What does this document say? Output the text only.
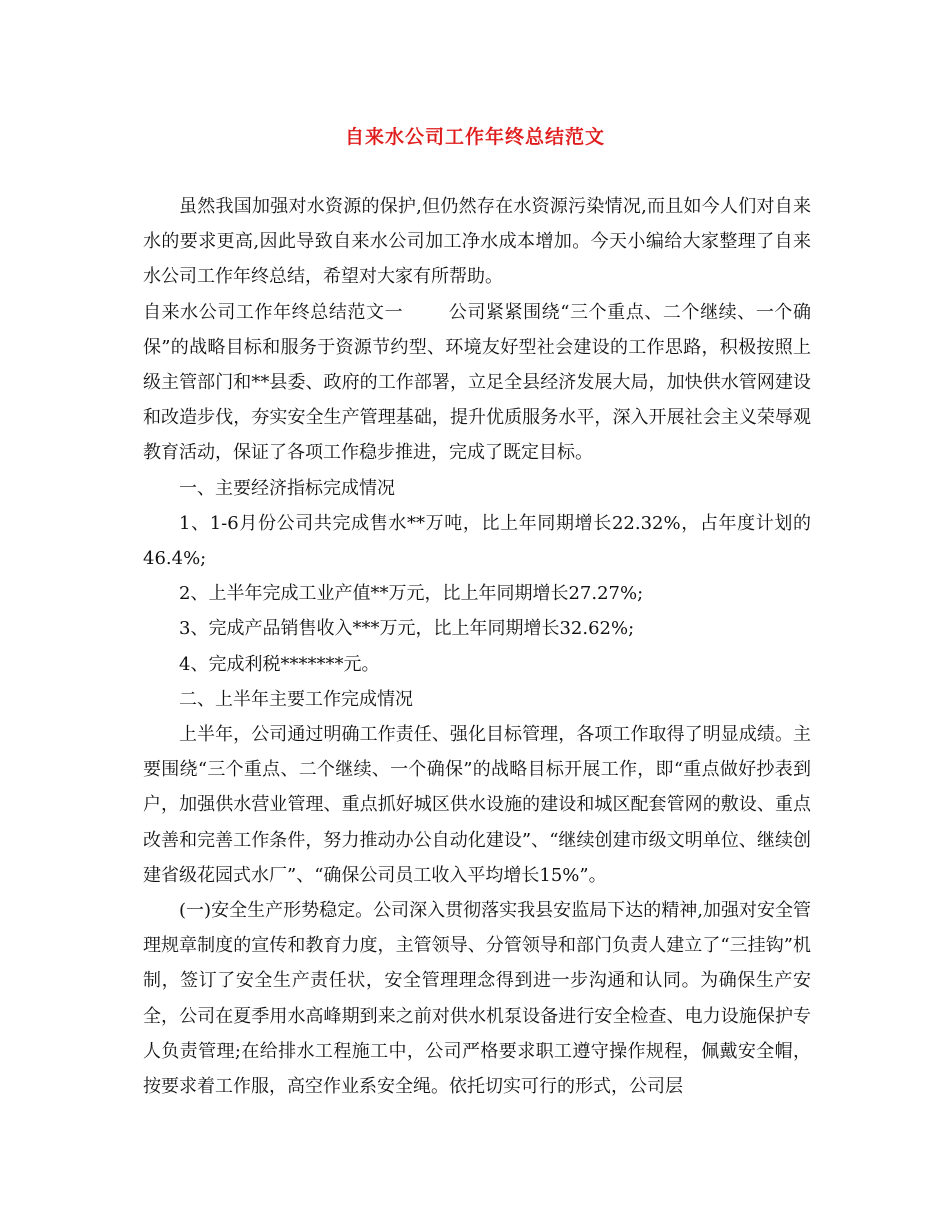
自来水公司工作年终总结范文

虽然我国加强对水资源的保护,但仍然存在水资源污染情况,而且如今人们对自来水的要求更高,因此导致自来水公司加工净水成本增加。今天小编给大家整理了自来水公司工作年终总结，希望对大家有所帮助。

自来水公司工作年终总结范文一   	公司紧紧围绕“三个重点、二个继续、一个确保”的战略目标和服务于资源节约型、环境友好型社会建设的工作思路，积极按照上级主管部门和**县委、政府的工作部署，立足全县经济发展大局，加快供水管网建设和改造步伐，夯实安全生产管理基础，提升优质服务水平，深入开展社会主义荣辱观教育活动，保证了各项工作稳步推进，完成了既定目标。

一、主要经济指标完成情况

1、1-6月份公司共完成售水**万吨，比上年同期增长22.32%，占年度计划的46.4%;

2、上半年完成工业产值**万元，比上年同期增长27.27%;

3、完成产品销售收入***万元，比上年同期增长32.62%;

4、完成利税*******元。

二、上半年主要工作完成情况

上半年，公司通过明确工作责任、强化目标管理，各项工作取得了明显成绩。主要围绕“三个重点、二个继续、一个确保”的战略目标开展工作，即“重点做好抄表到户，加强供水营业管理、重点抓好城区供水设施的建设和城区配套管网的敷设、重点改善和完善工作条件，努力推动办公自动化建设”、“继续创建市级文明单位、继续创建省级花园式水厂”、“确保公司员工收入平均增长15%”。

(一)安全生产形势稳定。公司深入贯彻落实我县安监局下达的精神,加强对安全管理规章制度的宣传和教育力度，主管领导、分管领导和部门负责人建立了“三挂钩”机制，签订了安全生产责任状，安全管理理念得到进一步沟通和认同。为确保生产安全，公司在夏季用水高峰期到来之前对供水机泵设备进行安全检查、电力设施保护专人负责管理;在给排水工程施工中，公司严格要求职工遵守操作规程，佩戴安全帽，按要求着工作服，高空作业系安全绳。依托切实可行的形式，公司层
